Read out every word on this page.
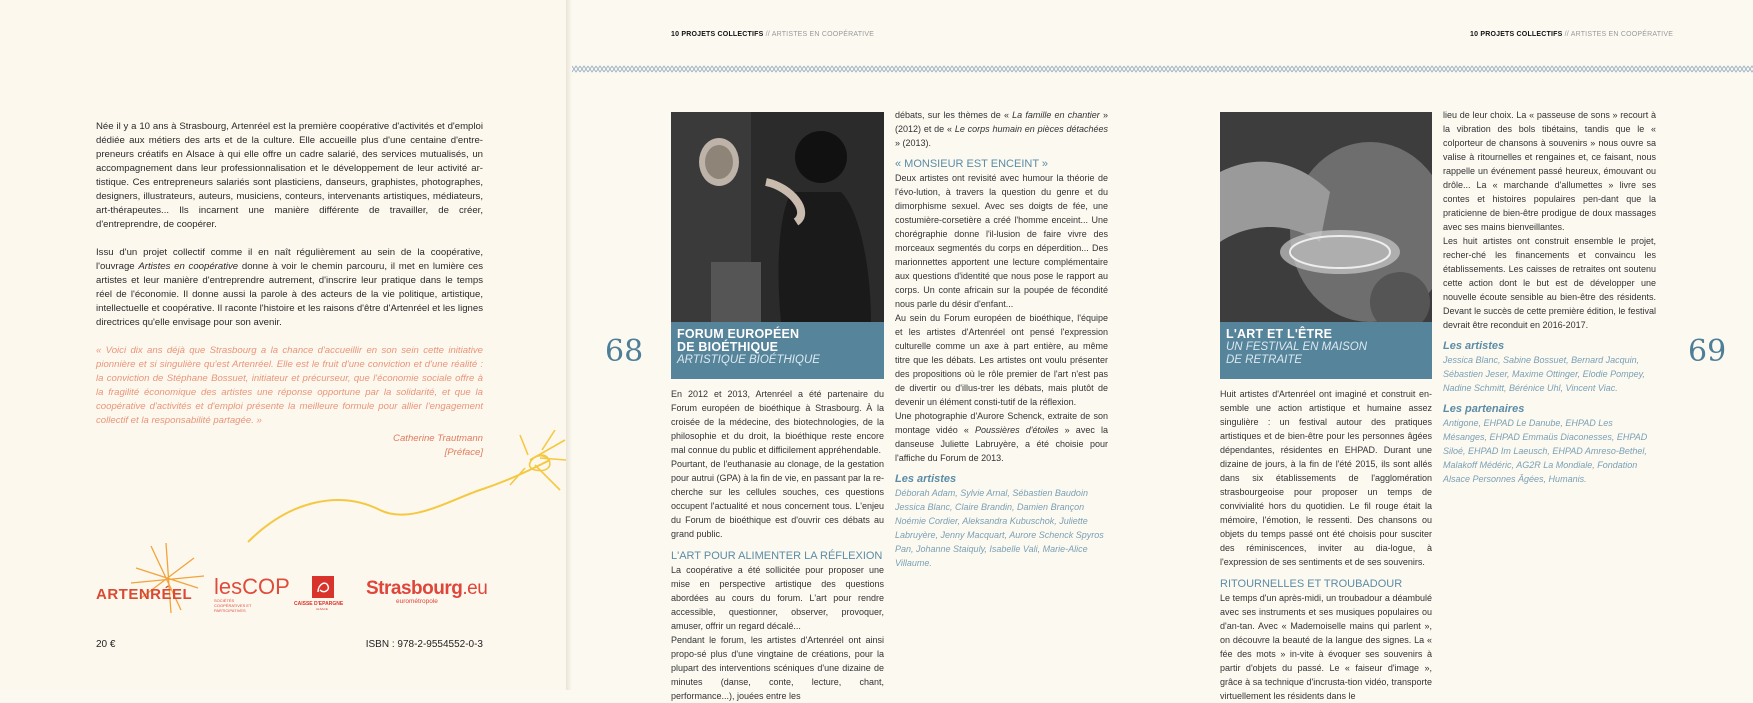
Née il y a 10 ans à Strasbourg, Artenréel est la première coopérative d'activités et d'emploi dédiée aux métiers des arts et de la culture. Elle accueille plus d'une centaine d'entre-preneurs créatifs en Alsace à qui elle offre un cadre salarié, des services mutualisés, un accompagnement dans leur professionnalisation et le développement de leur activité ar-tistique. Ces entrepreneurs salariés sont plasticiens, danseurs, graphistes, photographes, designers, illustrateurs, auteurs, musiciens, conteurs, intervenants artistiques, médiateurs, art-thérapeutes... Ils incarnent une manière différente de travailler, de créer, d'entreprendre, de coopérer.

Issu d'un projet collectif comme il en naît régulièrement au sein de la coopérative, l'ouvrage Artistes en coopérative donne à voir le chemin parcouru, il met en lumière ces artistes et leur manière d'entreprendre autrement, d'inscrire leur pratique dans le temps réel de l'économie. Il donne aussi la parole à des acteurs de la vie politique, artistique, intellectuelle et coopérative. Il raconte l'histoire et les raisons d'être d'Artenréel et les lignes directrices qu'elle envisage pour son avenir.

« Voici dix ans déjà que Strasbourg a la chance d'accueillir en son sein cette initiative pionnière et si singulière qu'est Artenréel. Elle est le fruit d'une conviction et d'une réalité : la conviction de Stéphane Bossuet, initiateur et précurseur, que l'économie sociale offre à la fragilité économique des artistes une réponse opportune par la solidarité, et que la coopérative d'activités et d'emploi présente la meilleure formule pour allier l'engagement collectif et la responsabilité partagée. »

Catherine Trautmann
[Préface]
ARTENRÉEL lesCOP
SOCIÉTÉS COOPÉRATIVES ET PARTICIPATIVES
CAISSE D'EPARGNE
ALSACE
Strasbourg.eu
eurométropole
20 €	ISBN : 978-2-9554552-0-3
10 PROJETS COLLECTIFS // ARTISTES EN COOPÉRATIVE	10 PROJETS COLLECTIFS // ARTISTES EN COOPÉRATIVE
68	69
FORUM EUROPÉEN
DE BIOÉTHIQUE
ARTISTIQUE BIOÉTHIQUE

En 2012 et 2013, Artenréel a été partenaire du Forum européen de bioéthique à Strasbourg. À la croisée de la médecine, des biotechnologies, de la philosophie et du droit, la bioéthique reste encore mal connue du public et difficilement appréhendable.

Pourtant, de l'euthanasie au clonage, de la gestation pour autrui (GPA) à la fin de vie, en passant par la re-cherche sur les cellules souches, ces questions occupent l'actualité et nous concernent tous. L'enjeu du Forum de bioéthique est d'ouvrir ces débats au grand public.

L'ART POUR ALIMENTER LA RÉFLEXION

La coopérative a été sollicitée pour proposer une mise en perspective artistique des questions abordées au cours du forum. L'art pour rendre accessible, questionner, observer, provoquer, amuser, offrir un regard décalé...

Pendant le forum, les artistes d'Artenréel ont ainsi propo-sé plus d'une vingtaine de créations, pour la plupart des interventions scéniques d'une dizaine de minutes (danse, conte, lecture, chant, performance...), jouées entre les

débats, sur les thèmes de « La famille en chantier » (2012) et de « Le corps humain en pièces détachées » (2013).

« MONSIEUR EST ENCEINT »

Deux artistes ont revisité avec humour la théorie de l'évo-lution, à travers la question du genre et du dimorphisme sexuel. Avec ses doigts de fée, une costumière-corsetière a créé l'homme enceint... Une chorégraphie donne l'il-lusion de faire vivre des morceaux segmentés du corps en déperdition... Des marionnettes apportent une lecture complémentaire aux questions d'identité que nous pose le rapport au corps. Un conte africain sur la poupée de fécondité nous parle du désir d'enfant...

Au sein du Forum européen de bioéthique, l'équipe et les artistes d'Artenréel ont pensé l'expression culturelle comme un axe à part entière, au même titre que les débats. Les artistes ont voulu présenter des propositions où le rôle premier de l'art n'est pas de divertir ou d'illus-trer les débats, mais plutôt de devenir un élément consti-tutif de la réflexion.

Une photographie d'Aurore Schenck, extraite de son montage vidéo « Poussières d'étoiles » avec la danseuse Juliette Labruyère, a été choisie pour l'affiche du Forum de 2013.

Les artistes

Déborah Adam, Sylvie Arnal, Sébastien Baudoin Jessica Blanc, Claire Brandin, Damien Brançon Noémie Cordier, Aleksandra Kubuschok, Juliette Labruyère, Jenny Macquart, Aurore Schenck Spyros Pan, Johanne Staiquly, Isabelle Vali, Marie-Alice Villaume.

L'ART ET L'ÊTRE
UN FESTIVAL EN MAISON
DE RETRAITE

Huit artistes d'Artenréel ont imaginé et construit en-semble une action artistique et humaine assez singulière : un festival autour des pratiques artistiques et de bien-être pour les personnes âgées dépendantes, résidentes en EHPAD. Durant une dizaine de jours, à la fin de l'été 2015, ils sont allés dans six établissements de l'agglomération strasbourgeoise pour proposer un temps de convivialité hors du quotidien. Le fil rouge était la mémoire, l'émotion, le ressenti. Des chansons ou objets du temps passé ont été choisis pour susciter des réminiscences, inviter au dia-logue, à l'expression de ses sentiments et de ses souvenirs.

RITOURNELLES ET TROUBADOUR

Le temps d'un après-midi, un troubadour a déambulé avec ses instruments et ses musiques populaires ou d'an-tan. Avec « Mademoiselle mains qui parlent », on découvre la beauté de la langue des signes. La « fée des mots » in-vite à évoquer ses souvenirs à partir d'objets du passé. Le « faiseur d'image », grâce à sa technique d'incrusta-tion vidéo, transporte virtuellement les résidents dans le

lieu de leur choix. La « passeuse de sons » recourt à la vibration des bols tibétains, tandis que le « colporteur de chansons à souvenirs » nous ouvre sa valise à ritournelles et rengaines et, ce faisant, nous rappelle un événement passé heureux, émouvant ou drôle... La « marchande d'allumettes » livre ses contes et histoires populaires pen-dant que la praticienne de bien-être prodigue de doux massages avec ses mains bienveillantes.

Les huit artistes ont construit ensemble le projet, recher-ché les financements et convaincu les établissements. Les caisses de retraites ont soutenu cette action dont le but est de développer une nouvelle écoute sensible au bien-être des résidents. Devant le succès de cette première édition, le festival devrait être reconduit en 2016-2017.

Les artistes

Jessica Blanc, Sabine Bossuet, Bernard Jacquin, Sébastien Jeser, Maxime Ottinger, Elodie Pompey, Nadine Schmitt, Bérénice Uhl, Vincent Viac.

Les partenaires

Antigone, EHPAD Le Danube, EHPAD Les Mésanges, EHPAD Emmaüs Diaconesses, EHPAD Siloé, EHPAD Im Laeusch, EHPAD Amreso-Bethel, Malakoff Médéric, AG2R La Mondiale, Fondation Alsace Personnes Âgées, Humanis.
